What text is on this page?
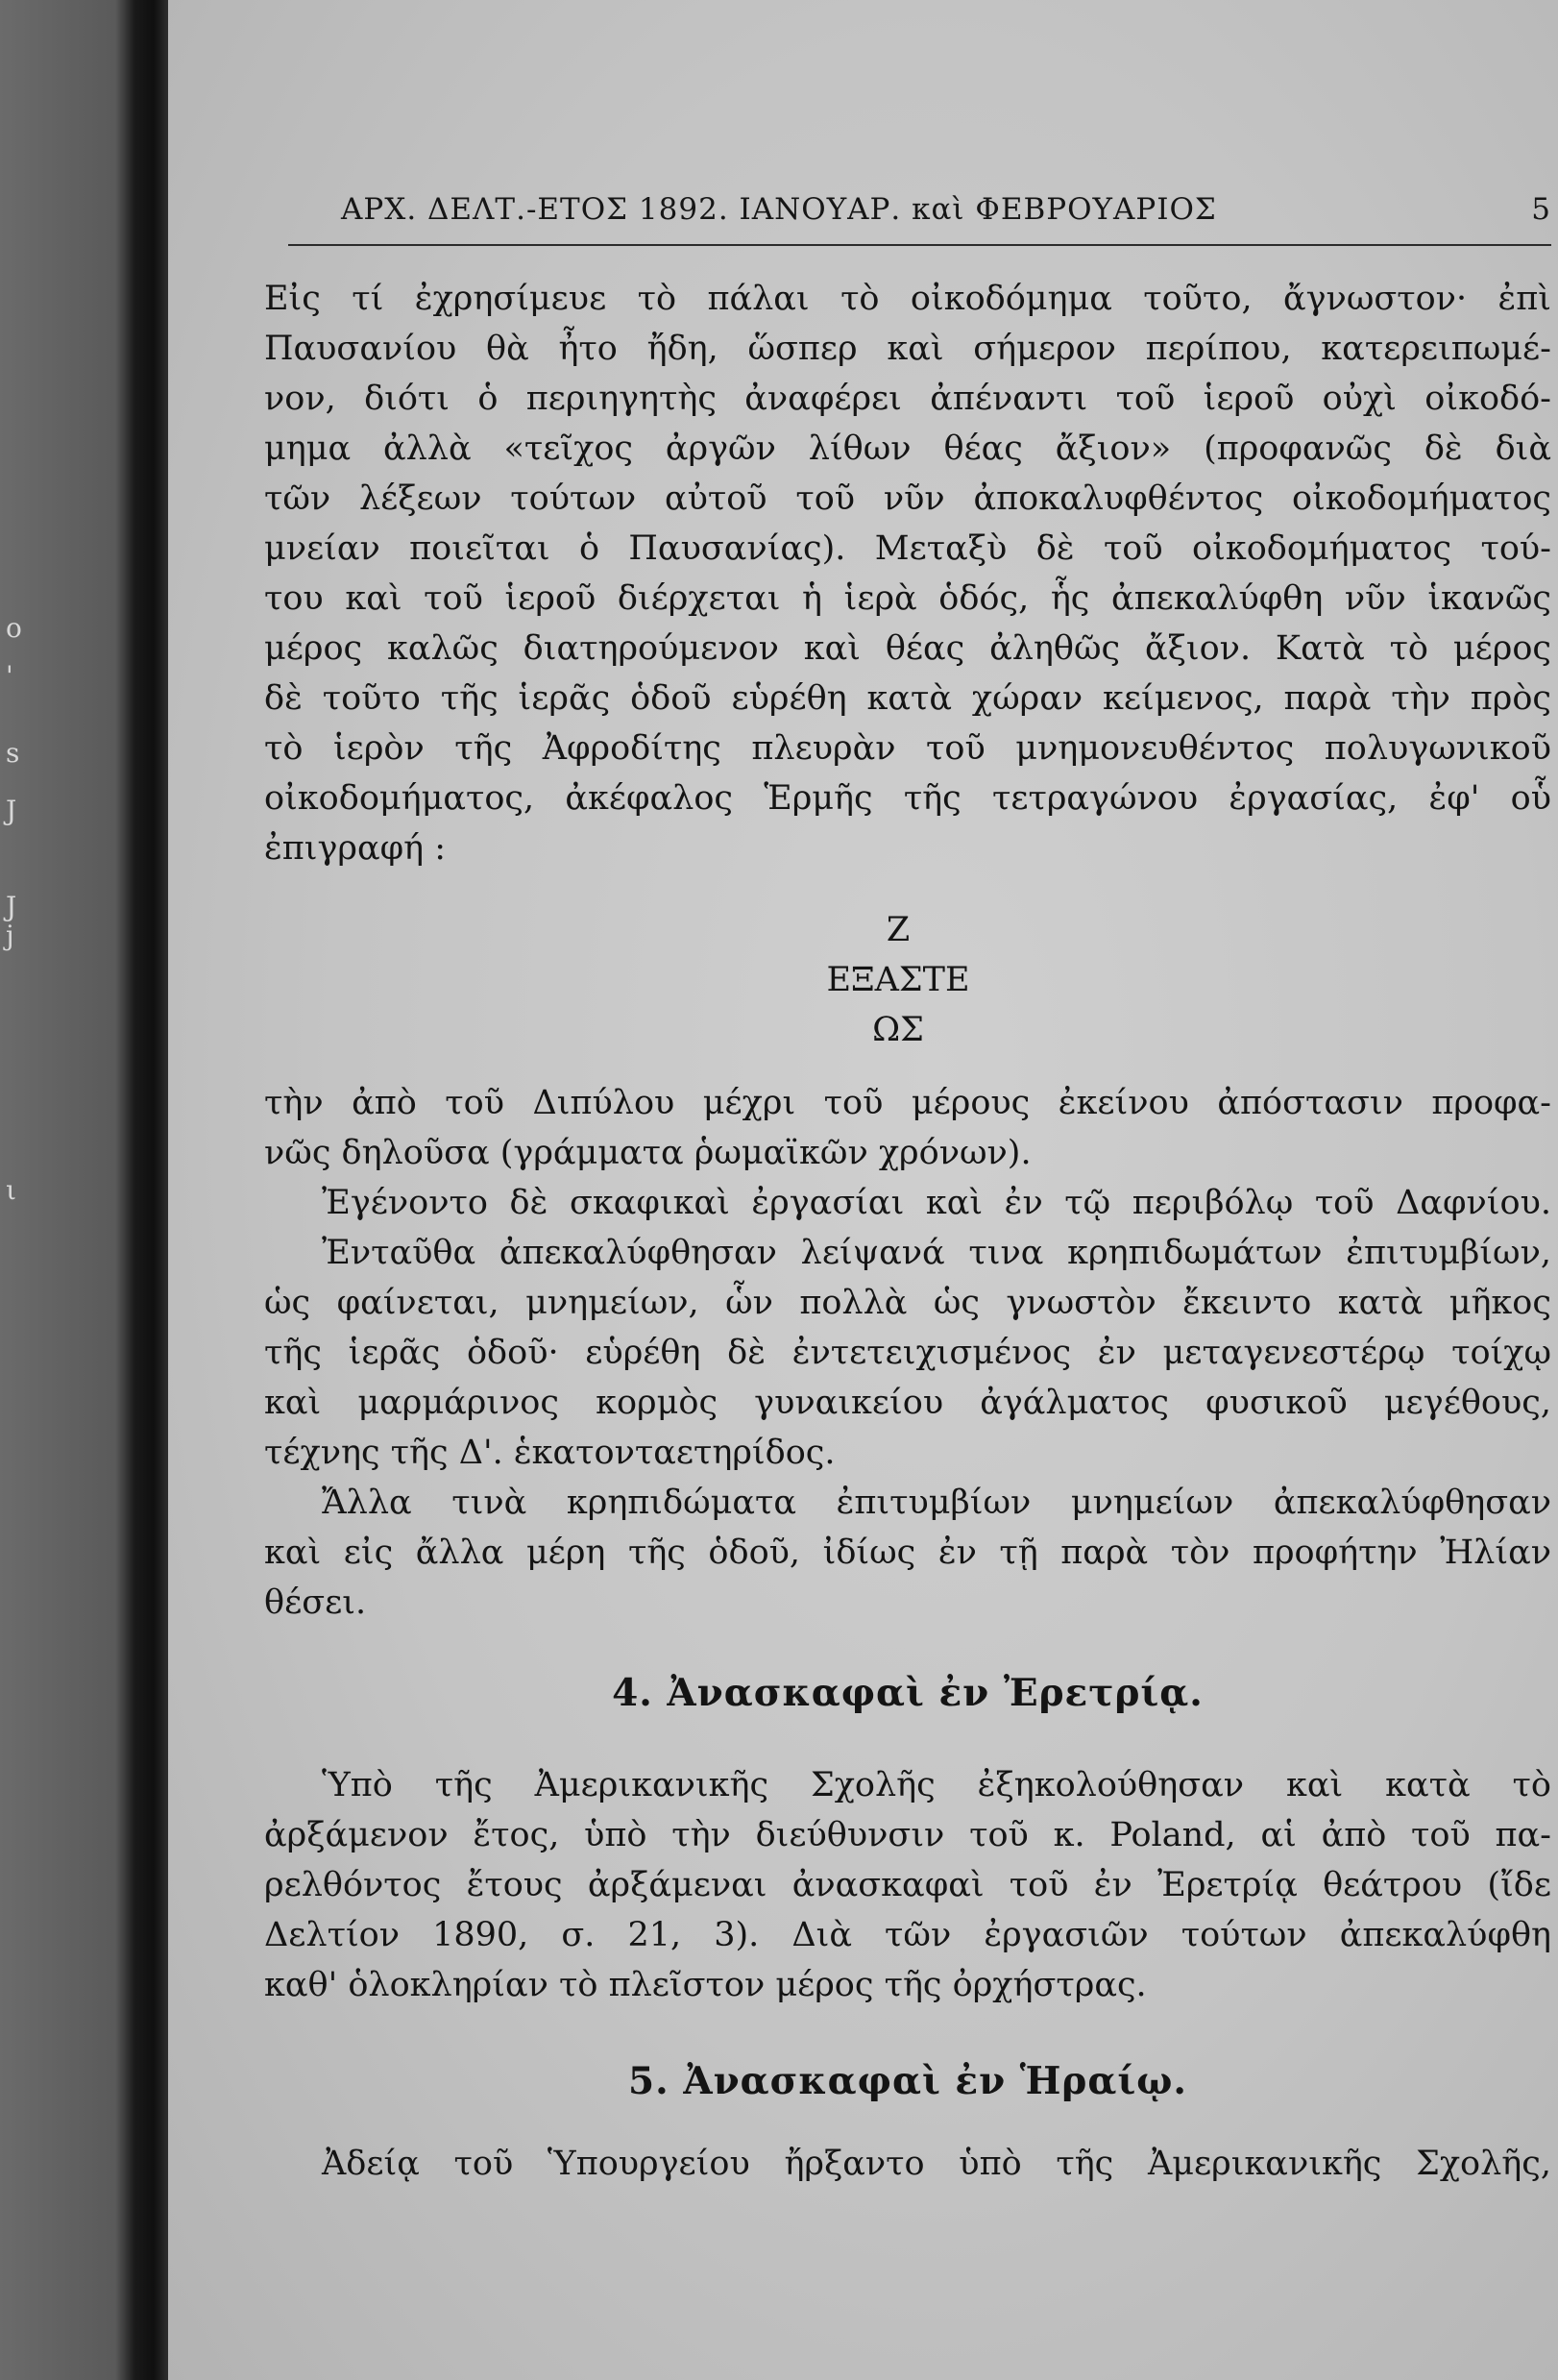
ο
'
s
J
J
j
ι
ΑΡΧ. ΔΕΛΤ.-ΕΤΟΣ 1892. ΙΑΝΟΥΑΡ. καὶ ΦΕΒΡΟΥΑΡΙΟΣ	5
Εἰς τί ἐχρησίμευε τὸ πάλαι τὸ οἰκοδόμημα τοῦτο, ἄγνωστον· ἐπὶ
Παυσανίου θὰ ἦτο ἤδη, ὥσπερ καὶ σήμερον περίπου, κατερειπωμέ-
νον, διότι ὁ περιηγητὴς ἀναφέρει ἀπέναντι τοῦ ἱεροῦ οὐχὶ οἰκοδό-
μημα ἀλλὰ «τεῖχος ἀργῶν λίθων θέας ἄξιον» (προφανῶς δὲ διὰ
τῶν λέξεων τούτων αὐτοῦ τοῦ νῦν ἀποκαλυφθέντος οἰκοδομήματος
μνείαν ποιεῖται ὁ Παυσανίας). Μεταξὺ δὲ τοῦ οἰκοδομήματος τού-
του καὶ τοῦ ἱεροῦ διέρχεται ἡ ἱερὰ ὁδός, ἧς ἀπεκαλύφθη νῦν ἱκανῶς
μέρος καλῶς διατηρούμενον καὶ θέας ἀληθῶς ἄξιον. Κατὰ τὸ μέρος
δὲ τοῦτο τῆς ἱερᾶς ὁδοῦ εὑρέθη κατὰ χώραν κείμενος, παρὰ τὴν πρὸς
τὸ ἱερὸν τῆς Ἀφροδίτης πλευρὰν τοῦ μνημονευθέντος πολυγωνικοῦ
οἰκοδομήματος, ἀκέφαλος Ἑρμῆς τῆς τετραγώνου ἐργασίας, ἐφ' οὗ
ἐπιγραφή :
Ζ
ΕΞΑΣΤΕ
ΩΣ
τὴν ἀπὸ τοῦ Διπύλου μέχρι τοῦ μέρους ἐκείνου ἀπόστασιν προφα-
νῶς δηλοῦσα (γράμματα ῥωμαϊκῶν χρόνων).
Ἐγένοντο δὲ σκαφικαὶ ἐργασίαι καὶ ἐν τῷ περιβόλῳ τοῦ Δαφνίου.
Ἐνταῦθα ἀπεκαλύφθησαν λείψανά τινα κρηπιδωμάτων ἐπιτυμβίων,
ὡς φαίνεται, μνημείων, ὧν πολλὰ ὡς γνωστὸν ἔκειντο κατὰ μῆκος
τῆς ἱερᾶς ὁδοῦ· εὑρέθη δὲ ἐντετειχισμένος ἐν μεταγενεστέρῳ τοίχῳ
καὶ μαρμάρινος κορμὸς γυναικείου ἀγάλματος φυσικοῦ μεγέθους,
τέχνης τῆς Δ'. ἑκατονταετηρίδος.
Ἄλλα τινὰ κρηπιδώματα ἐπιτυμβίων μνημείων ἀπεκαλύφθησαν
καὶ εἰς ἄλλα μέρη τῆς ὁδοῦ, ἰδίως ἐν τῇ παρὰ τὸν προφήτην Ἠλίαν
θέσει.
4. Ἀνασκαφαὶ ἐν Ἐρετρίᾳ.
Ὑπὸ τῆς Ἀμερικανικῆς Σχολῆς ἐξηκολούθησαν καὶ κατὰ τὸ
ἀρξάμενον ἔτος, ὑπὸ τὴν διεύθυνσιν τοῦ κ. Poland, αἱ ἀπὸ τοῦ πα-
ρελθόντος ἔτους ἀρξάμεναι ἀνασκαφαὶ τοῦ ἐν Ἐρετρίᾳ θεάτρου (ἴδε
Δελτίον 1890, σ. 21, 3). Διὰ τῶν ἐργασιῶν τούτων ἀπεκαλύφθη
καθ' ὁλοκληρίαν τὸ πλεῖστον μέρος τῆς ὀρχήστρας.
5. Ἀνασκαφαὶ ἐν Ἡραίῳ.
Ἀδείᾳ τοῦ Ὑπουργείου ἤρξαντο ὑπὸ τῆς Ἀμερικανικῆς Σχολῆς,
